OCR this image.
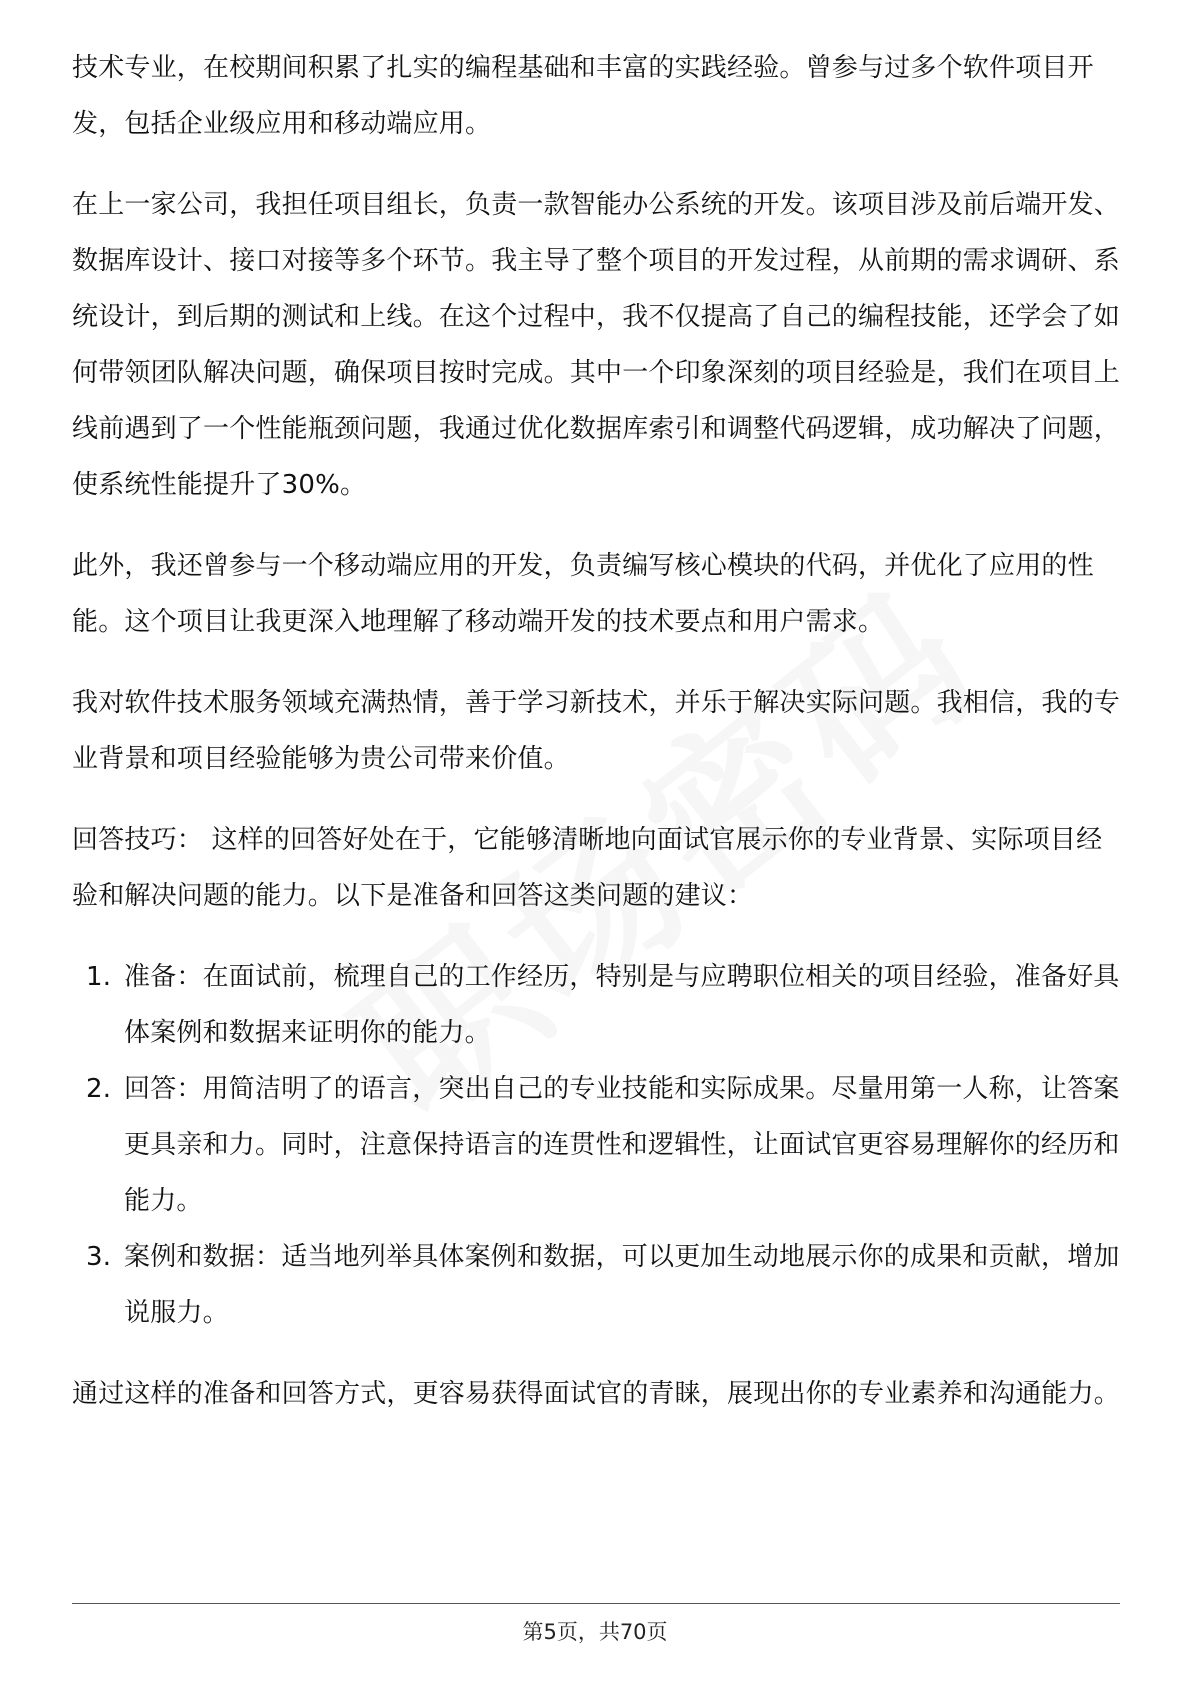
技术专业，在校期间积累了扎实的编程基础和丰富的实践经验。曾参与过多个软件项目开发，包括企业级应用和移动端应用。

在上一家公司，我担任项目组长，负责一款智能办公系统的开发。该项目涉及前后端开发、数据库设计、接口对接等多个环节。我主导了整个项目的开发过程，从前期的需求调研、系统设计，到后期的测试和上线。在这个过程中，我不仅提高了自己的编程技能，还学会了如何带领团队解决问题，确保项目按时完成。其中一个印象深刻的项目经验是，我们在项目上线前遇到了一个性能瓶颈问题，我通过优化数据库索引和调整代码逻辑，成功解决了问题，使系统性能提升了30%。

此外，我还曾参与一个移动端应用的开发，负责编写核心模块的代码，并优化了应用的性能。这个项目让我更深入地理解了移动端开发的技术要点和用户需求。

我对软件技术服务领域充满热情，善于学习新技术，并乐于解决实际问题。我相信，我的专业背景和项目经验能够为贵公司带来价值。

回答技巧： 这样的回答好处在于，它能够清晰地向面试官展示你的专业背景、实际项目经验和解决问题的能力。以下是准备和回答这类问题的建议：

1. 准备：在面试前，梳理自己的工作经历，特别是与应聘职位相关的项目经验，准备好具体案例和数据来证明你的能力。
2. 回答：用简洁明了的语言，突出自己的专业技能和实际成果。尽量用第一人称，让答案更具亲和力。同时，注意保持语言的连贯性和逻辑性，让面试官更容易理解你的经历和能力。
3. 案例和数据：适当地列举具体案例和数据，可以更加生动地展示你的成果和贡献，增加说服力。

通过这样的准备和回答方式，更容易获得面试官的青睐，展现出你的专业素养和沟通能力。

第5页，共70页
